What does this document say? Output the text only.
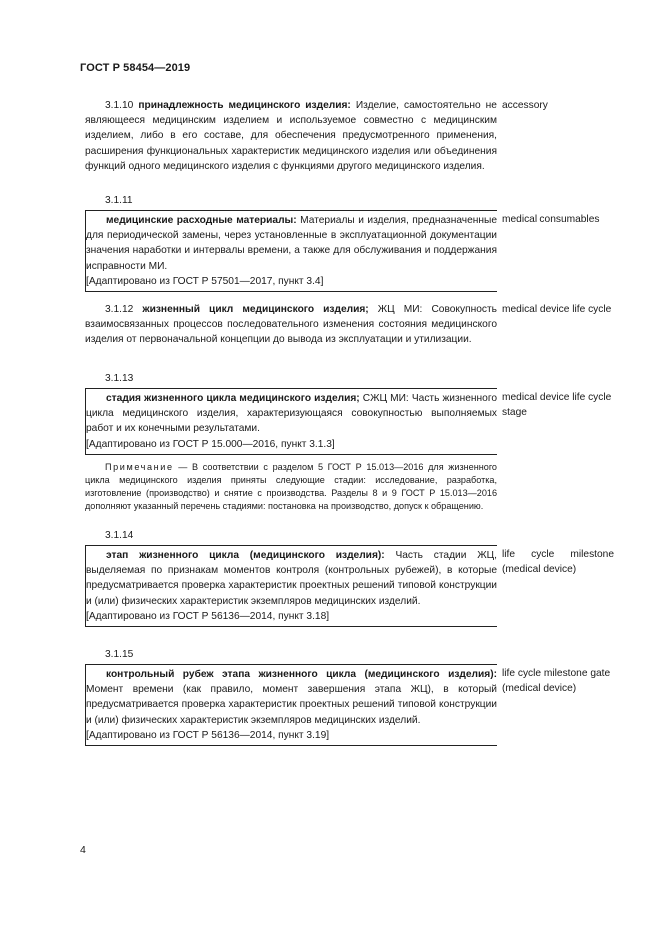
ГОСТ Р 58454—2019

3.1.10 принадлежность медицинского изделия: Изделие, самостоятельно не являющееся медицинским изделием и используемое совместно с медицинским изделием, либо в его составе, для обеспечения предусмотренного применения, расширения функциональных характеристик медицинского изделия или объединения функций одного медицинского изделия с функциями другого медицинского изделия.

accessory
3.1.11

медицинские расходные материалы: Материалы и изделия, предназначенные для периодической замены, через установленные в эксплуатационной документации значения наработки и интервалы времени, а также для обслуживания и поддержания исправности МИ.

[Адаптировано из ГОСТ Р 57501—2017, пункт 3.4]

medical consumables

3.1.12 жизненный цикл медицинского изделия; ЖЦ МИ: Совокупность взаимосвязанных процессов последовательного изменения состояния медицинского изделия от первоначальной концепции до вывода из эксплуатации и утилизации.

medical device life cycle
3.1.13

стадия жизненного цикла медицинского изделия; СЖЦ МИ: Часть жизненного цикла медицинского изделия, характеризующаяся совокупностью выполняемых работ и их конечными результатами.

[Адаптировано из ГОСТ Р 15.000—2016, пункт 3.1.3]

Примечание — В соответствии с разделом 5 ГОСТ Р 15.013—2016 для жизненного цикла медицинского изделия приняты следующие стадии: исследование, разработка, изготовление (производство) и снятие с производства. Разделы 8 и 9 ГОСТ Р 15.013—2016 дополняют указанный перечень стадиями: постановка на производство, допуск к обращению.

medical device life cycle stage
3.1.14

этап жизненного цикла (медицинского изделия): Часть стадии ЖЦ, выделяемая по признакам моментов контроля (контрольных рубежей), в которые предусматривается проверка характеристик проектных решений типовой конструкции и (или) физических характеристик экземпляров медицинских изделий.

[Адаптировано из ГОСТ Р 56136—2014, пункт 3.18]

life cycle milestone (medical device)
3.1.15

контрольный рубеж этапа жизненного цикла (медицинского изделия): Момент времени (как правило, момент завершения этапа ЖЦ), в который предусматривается проверка характеристик проектных решений типовой конструкции и (или) физических характеристик экземпляров медицинских изделий.

[Адаптировано из ГОСТ Р 56136—2014, пункт 3.19]

life cycle milestone gate (medical device)
4
